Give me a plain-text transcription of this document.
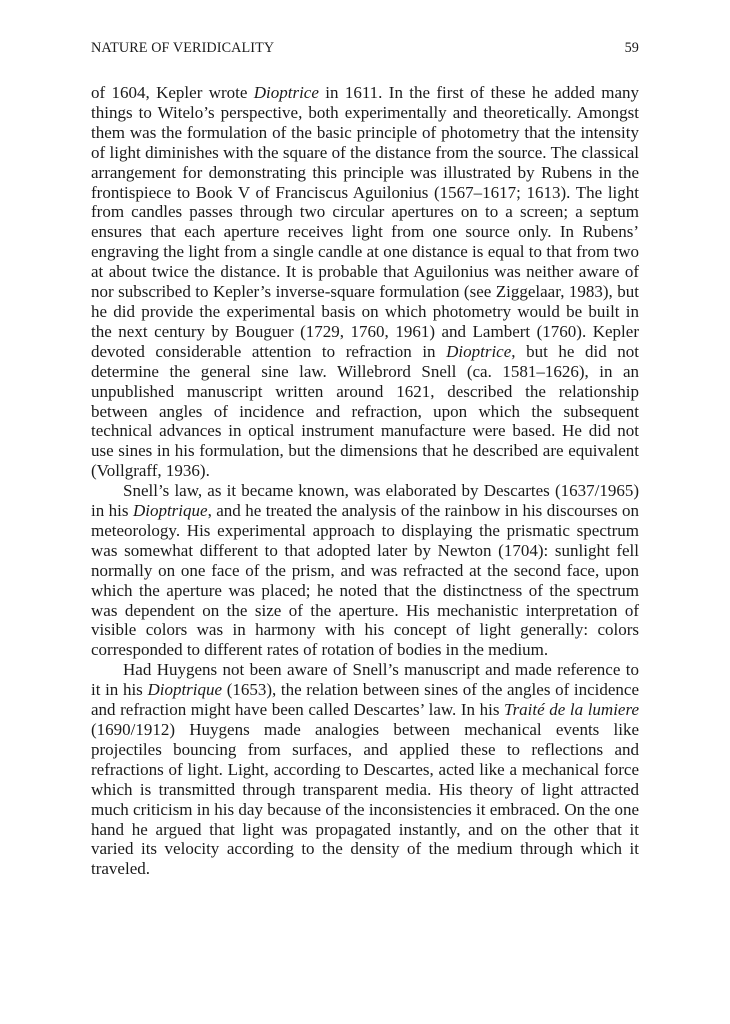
NATURE OF VERIDICALITY	59

of 1604, Kepler wrote Dioptrice in 1611. In the first of these he added many things to Witelo’s perspective, both experimentally and theoretically. Amongst them was the formulation of the basic principle of photometry that the intensity of light diminishes with the square of the distance from the source. The classical arrangement for demonstrating this principle was illustrated by Rubens in the frontispiece to Book V of Franciscus Aguilonius (1567–1617; 1613). The light from candles passes through two circular apertures on to a screen; a septum ensures that each aperture receives light from one source only. In Rubens’ engraving the light from a single candle at one distance is equal to that from two at about twice the distance. It is probable that Aguilonius was neither aware of nor subscribed to Kepler’s inverse-square formulation (see Ziggelaar, 1983), but he did provide the experimental basis on which photometry would be built in the next century by Bouguer (1729, 1760, 1961) and Lambert (1760). Kepler devoted considerable attention to refraction in Dioptrice, but he did not determine the general sine law. Willebrord Snell (ca. 1581–1626), in an unpublished manuscript written around 1621, described the relationship between angles of incidence and refraction, upon which the subsequent technical advances in optical instrument manufacture were based. He did not use sines in his formulation, but the dimensions that he described are equivalent (Vollgraff, 1936).

Snell’s law, as it became known, was elaborated by Descartes (1637/1965) in his Dioptrique, and he treated the analysis of the rainbow in his discourses on meteorology. His experimental approach to displaying the prismatic spectrum was somewhat different to that adopted later by Newton (1704): sunlight fell normally on one face of the prism, and was refracted at the second face, upon which the aperture was placed; he noted that the distinctness of the spectrum was dependent on the size of the aperture. His mechanistic interpretation of visible colors was in harmony with his concept of light generally: colors corresponded to different rates of rotation of bodies in the medium.

Had Huygens not been aware of Snell’s manuscript and made reference to it in his Dioptrique (1653), the relation between sines of the angles of incidence and refraction might have been called Descartes’ law. In his Traité de la lumiere (1690/1912) Huygens made analogies between mechanical events like projectiles bouncing from surfaces, and applied these to reflections and refractions of light. Light, according to Descartes, acted like a mechanical force which is transmitted through transparent media. His theory of light attracted much criticism in his day because of the inconsistencies it embraced. On the one hand he argued that light was propagated instantly, and on the other that it varied its velocity according to the density of the medium through which it traveled.
